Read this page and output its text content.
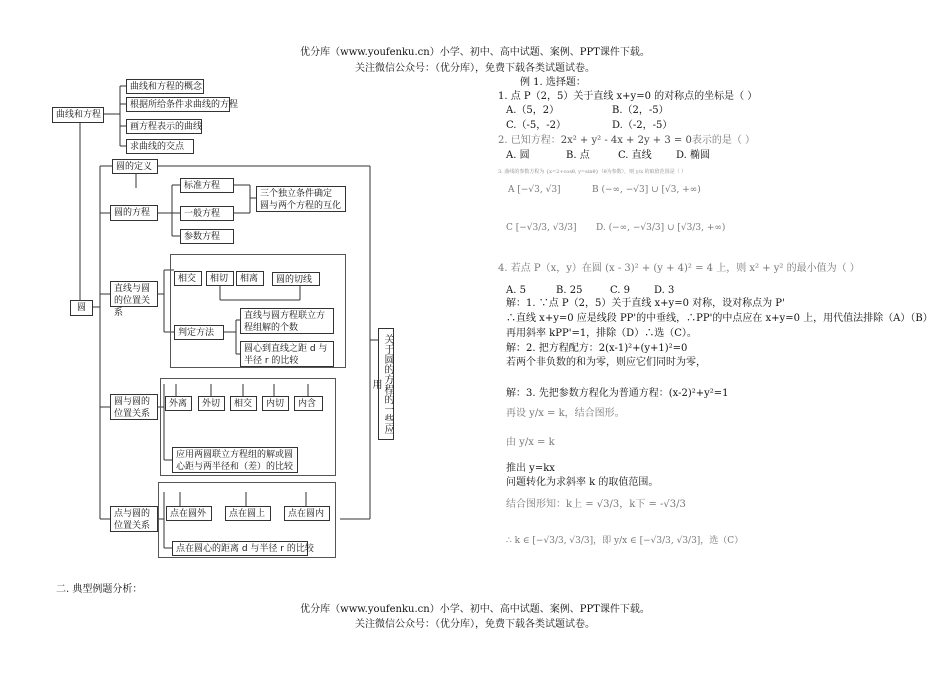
优分库（www.youfenku.cn）小学、初中、高中试题、案例、PPT课件下载。
关注微信公众号：（优分库），免费下载各类试题试卷。
曲线和方程
曲线和方程的概念
根据所给条件求曲线的方程
画方程表示的曲线
求曲线的交点
圆
圆的定义
圆的方程
标准方程
一般方程
参数方程
三个独立条件确定
圆与两个方程的互化
直线与圆的位置关系
相交	相切	相离	圆的切线
判定方法
直线与圆方程联立方程组解的个数
圆心到直线之距 d 与半径 r 的比较
圆与圆的位置关系
外离	外切	相交	内切	内含
应用两圆联立方程组的解或圆心距与两半径和（差）的比较
点与圆的位置关系
点在圆外	点在圆上	点在圆内
点在圆心的距离 d 与半径 r 的比较
关于圆的方程的一些应用
例 1. 选择题：
1. 点 P（2，5）关于直线 x+y=0 的对称点的坐标是（ ）
A.（5，2）	B.（2，-5）
C.（-5，-2）	D.（-2，-5）
2. 已知方程：2x² + y² - 4x + 2y + 3 = 0表示的是（ ）
A. 圆	B. 点	C. 直线 D. 椭圆
3. 曲线的参数方程为 {x=2+cosθ, y=sinθ}（θ为参数），则 y/x 的取值范围是（ ）
A [−√3, √3]	B (−∞, −√3] ∪ [√3, +∞)
C [−√3/3, √3/3] D. (−∞, −√3/3] ∪ [√3/3, +∞)
4. 若点 P（x，y）在圆 (x - 3)² + (y + 4)² = 4 上，则 x² + y² 的最小值为（ ）
A. 5	B. 25	C. 9 D. 3
解：1. ∵点 P（2，5）关于直线 x+y=0 对称，设对称点为 P'
∴直线 x+y=0 应是线段 PP'的中垂线，∴PP'的中点应在 x+y=0 上，用代值法排除（A）（B）
再用斜率 kPP'=1，排除（D）∴选（C）。
解：2. 把方程配方：2(x-1)²+(y+1)²=0
若两个非负数的和为零，则应它们同时为零，
解：3. 先把参数方程化为普通方程：(x-2)²+y²=1
再设 y/x = k，结合图形。
由 y/x = k
推出 y=kx
问题转化为求斜率 k 的取值范围。
结合图形知：k上 = √3/3，k下 = -√3/3
∴ k ∈ [−√3/3, √3/3]，即 y/x ∈ [−√3/3, √3/3]，选（C）
二. 典型例题分析：
优分库（www.youfenku.cn）小学、初中、高中试题、案例、PPT课件下载。
关注微信公众号：（优分库），免费下载各类试题试卷。
